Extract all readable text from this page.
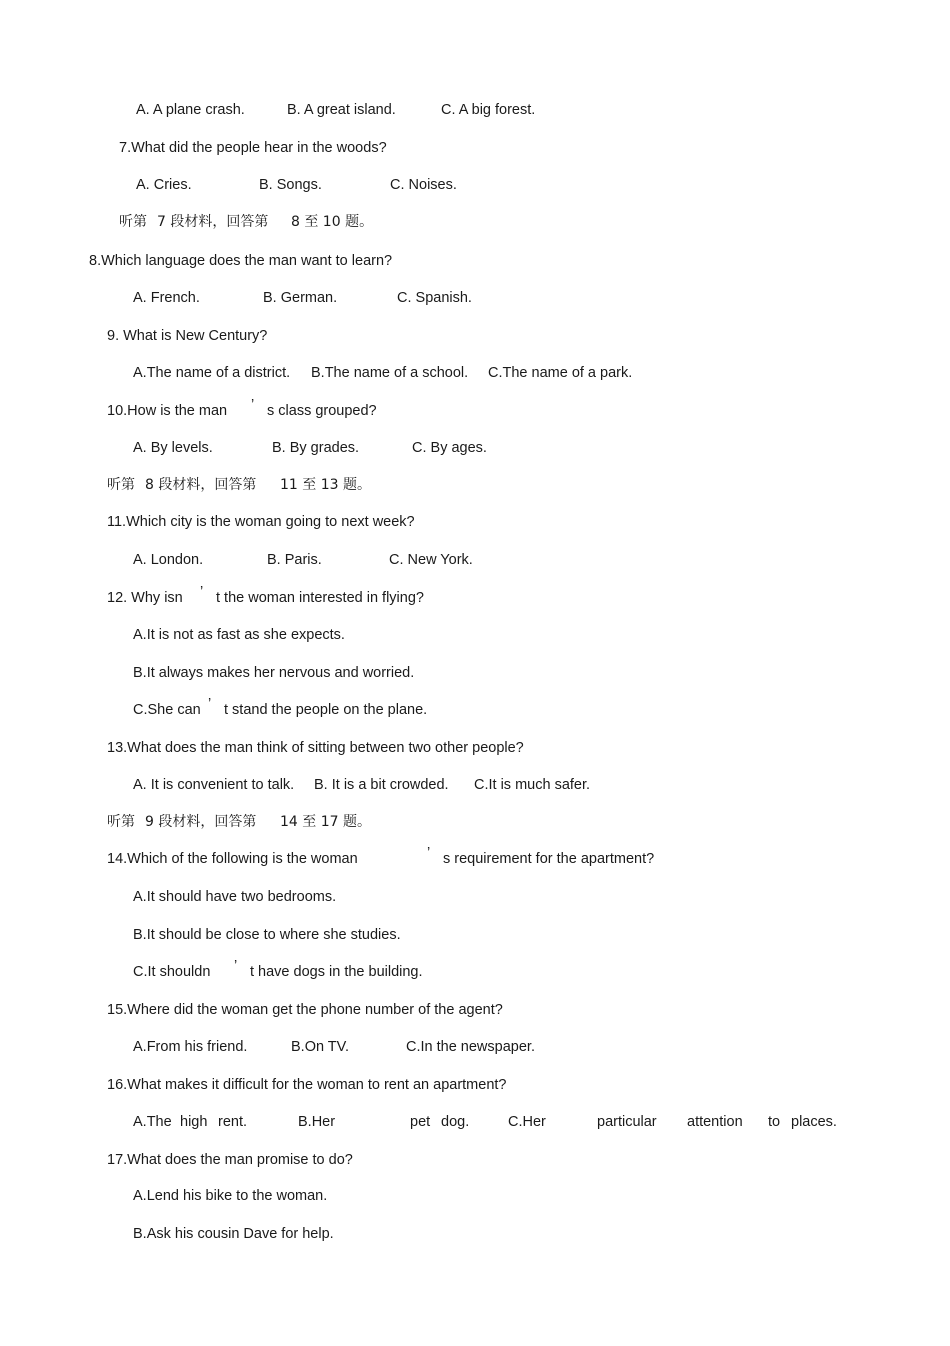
A. A plane crash.	B. A great island.	C. A big forest.
7.What did the people hear in the woods?
A. Cries.	B. Songs.	C. Noises.
听第 7 段材料，回答第 8 至 10 题。
8.Which language does the man want to learn?
A. French.	B. German.	C. Spanish.
9. What is New Century?
A.The name of a district. B.The name of a school. C.The name of a park.
10.How is the man ’ s class grouped?
A. By levels.	B. By grades.	C. By ages.
听第 8 段材料，回答第 11 至 13 题。
11.Which city is the woman going to next week?
A. London.	B. Paris.	C. New York.
12. Why isn ’ t the woman interested in flying?
A.It is not as fast as she expects.
B.It always makes her nervous and worried.
C.She can ’ t stand the people on the plane.
13.What does the man think of sitting between two other people?
A. It is convenient to talk. B. It is a bit crowded. C.It is much safer.
听第 9 段材料，回答第 14 至 17 题。
14.Which of the following is the woman	’ s requirement for the apartment?
A.It should have two bedrooms.
B.It should be close to where she studies.
C.It shouldn ’ t have dogs in the building.
15.Where did the woman get the phone number of the agent?
A.From his friend.	B.On TV.	C.In the newspaper.
16.What makes it difficult for the woman to rent an apartment?
A.The high rent.	B.Her	pet dog.	C.Her	particular attention to places.
17.What does the man promise to do?
A.Lend his bike to the woman.
B.Ask his cousin Dave for help.
